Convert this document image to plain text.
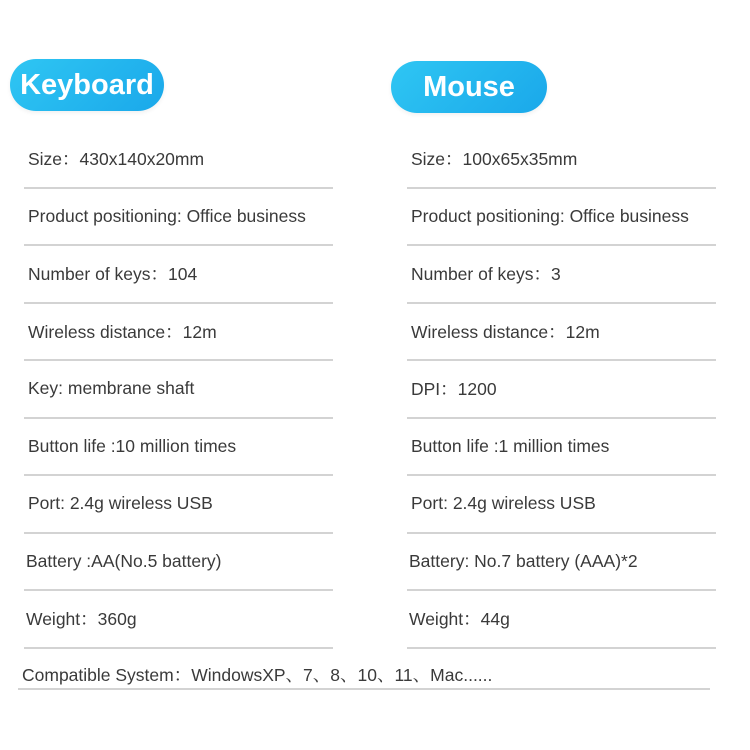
Keyboard	Mouse
Size：430x140x20mm
Product positioning: Office business
Number of keys：104
Wireless distance：12m
Key: membrane shaft
Button life :10 million times
Port: 2.4g wireless USB
Battery :AA(No.5 battery)
Weight：360g
Size：100x65x35mm
Product positioning: Office business
Number of keys：3
Wireless distance：12m
DPI：1200
Button life :1 million times
Port: 2.4g wireless USB
Battery: No.7 battery (AAA)*2
Weight：44g
Compatible System：WindowsXP、7、8、10、11、Mac......
